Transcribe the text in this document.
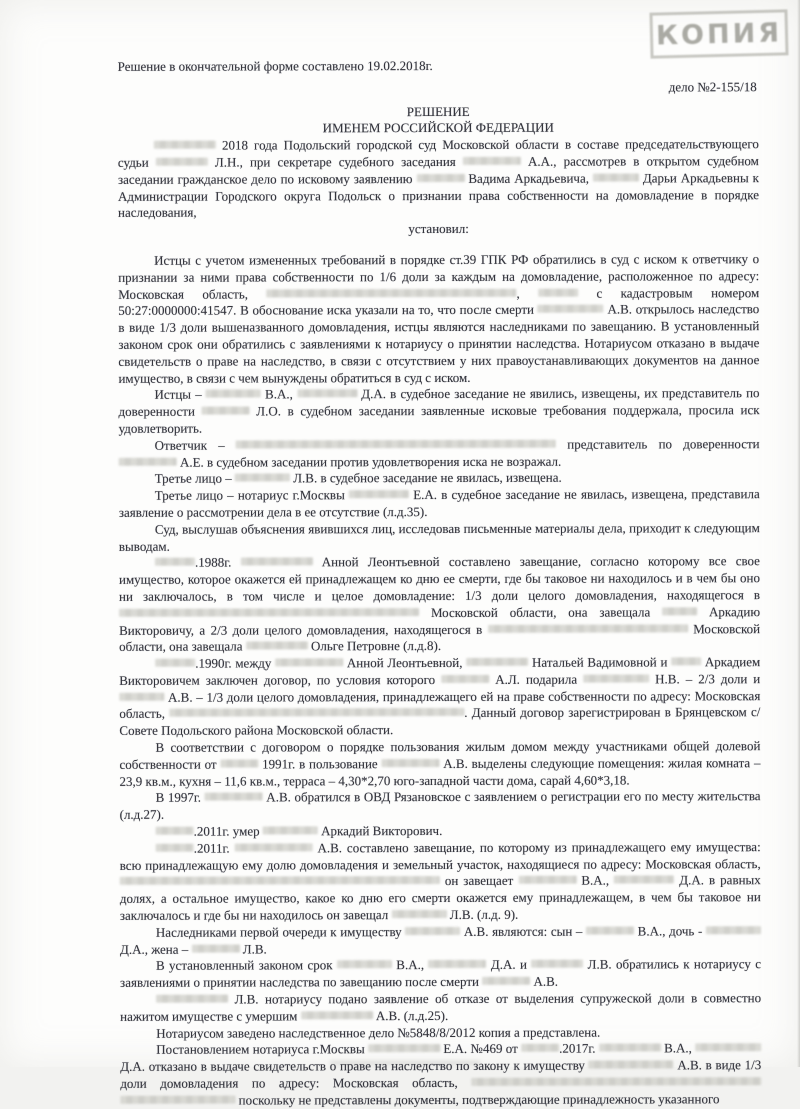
КОПИЯ
Решение в окончательной форме составлено 19.02.2018г.
дело №2-155/18
РЕШЕНИЕ
ИМЕНЕМ РОССИЙСКОЙ ФЕДЕРАЦИИ

2018 года Подольский городской суд Московской области в составе председательствующего судьи	Л.Н., при секретаре судебного заседания	А.А., рассмотрев в открытом судебном заседании гражданское дело по исковому заявлению	Вадима Аркадьевича,	Дарьи Аркадьевны к Администрации Городского округа Подольск о признании права собственности на домовладение в порядке наследования,

установил:

Истцы с учетом измененных требований в порядке ст.39 ГПК РФ обратились в суд с иском к ответчику о признании за ними права собственности по 1/6 доли за каждым на домовладение, расположенное по адресу: Московская область,	,	с кадастровым номером 50:27:0000000:41547. В обоснование иска указали на то, что после смерти	А.В. открылось наследство в виде 1/3 доли вышеназванного домовладения, истцы являются наследниками по завещанию. В установленный законом срок они обратились с заявлениями к нотариусу о принятии наследства. Нотариусом отказано в выдаче свидетельств о праве на наследство, в связи с отсутствием у них правоустанавливающих документов на данное имущество, в связи с чем вынуждены обратиться в суд с иском.

Истцы –	В.А.,	Д.А. в судебное заседание не явились, извещены, их представитель по доверенности	Л.О. в судебном заседании заявленные исковые требования поддержала, просила иск удовлетворить.

Ответчик –	представитель по доверенности  А.Е. в судебном заседании против удовлетворения иска не возражал.

Третье лицо –	Л.В. в судебное заседание не явилась, извещена.

Третье лицо – нотариус г.Москвы	Е.А. в судебное заседание не явилась, извещена, представила заявление о рассмотрении дела в ее отсутствие (л.д.35).

Суд, выслушав объяснения явившихся лиц, исследовав письменные материалы дела, приходит к следующим выводам.

.1988г.	Анной Леонтьевной составлено завещание, согласно которому все свое имущество, которое окажется ей принадлежащем ко дню ее смерти, где бы таковое ни находилось и в чем бы оно ни заключалось, в том числе и целое домовладение: 1/3 доли целого домовладения, находящегося в  Московской области, она завещала	Аркадию Викторовичу, а 2/3 доли целого домовладения, находящегося в	Московской области, она завещала	Ольге Петровне (л.д.8).

.1990г. между	Анной Леонтьевной,	Натальей Вадимовной и  Аркадием Викторовичем заключен договор, по условия которого	А.Л. подарила	Н.В. – 2/3 доли и  А.В. – 1/3 доли целого домовладения, принадлежащего ей на праве собственности по адресу: Московская область,	. Данный договор зарегистрирован в Брянцевском с/Совете Подольского района Московской области.

В соответствии с договором о порядке пользования жилым домом между участниками общей долевой собственности от	1991г. в пользование	А.В. выделены следующие помещения: жилая комната – 23,9 кв.м., кухня – 11,6 кв.м., терраса – 4,30*2,70 юго-западной части дома, сарай 4,60*3,18.

В 1997г.	А.В. обратился в ОВД Рязановское с заявлением о регистрации его по месту жительства (л.д.27).

.2011г. умер	Аркадий Викторович.

.2011г.	А.В. составлено завещание, по которому из принадлежащего ему имущества: всю принадлежащую ему долю домовладения и земельный участок, находящиеся по адресу: Московская область,  он завещает	В.А.,	Д.А. в равных долях, а остальное имущество, какое ко дню его смерти окажется ему принадлежащем, в чем бы таковое ни заключалось и где бы ни находилось он завещал	Л.В. (л.д. 9).

Наследниками первой очереди к имуществу	А.В. являются: сын –	В.А., дочь -  Д.А., жена –	Л.В.

В установленный законом срок	В.А.,	Д.А. и	Л.В. обратились к нотариусу с заявлениями о принятии наследства по завещанию после смерти	А.В.

Л.В. нотариусу подано заявление об отказе от выделения супружеской доли в совместно нажитом имуществе с умершим	А.В. (л.д.25).

Нотариусом заведено наследственное дело №5848/8/2012 копия а представлена.

Постановлением нотариуса г.Москвы	Е.А. №469 от	.2017г.	В.А.,  Д.А. отказано в выдаче свидетельств о праве на наследство по закону к имуществу	А.В. в виде 1/3 доли домовладения по адресу: Московская область,   поскольку не представлены документы, подтверждающие принадлежность указанного
